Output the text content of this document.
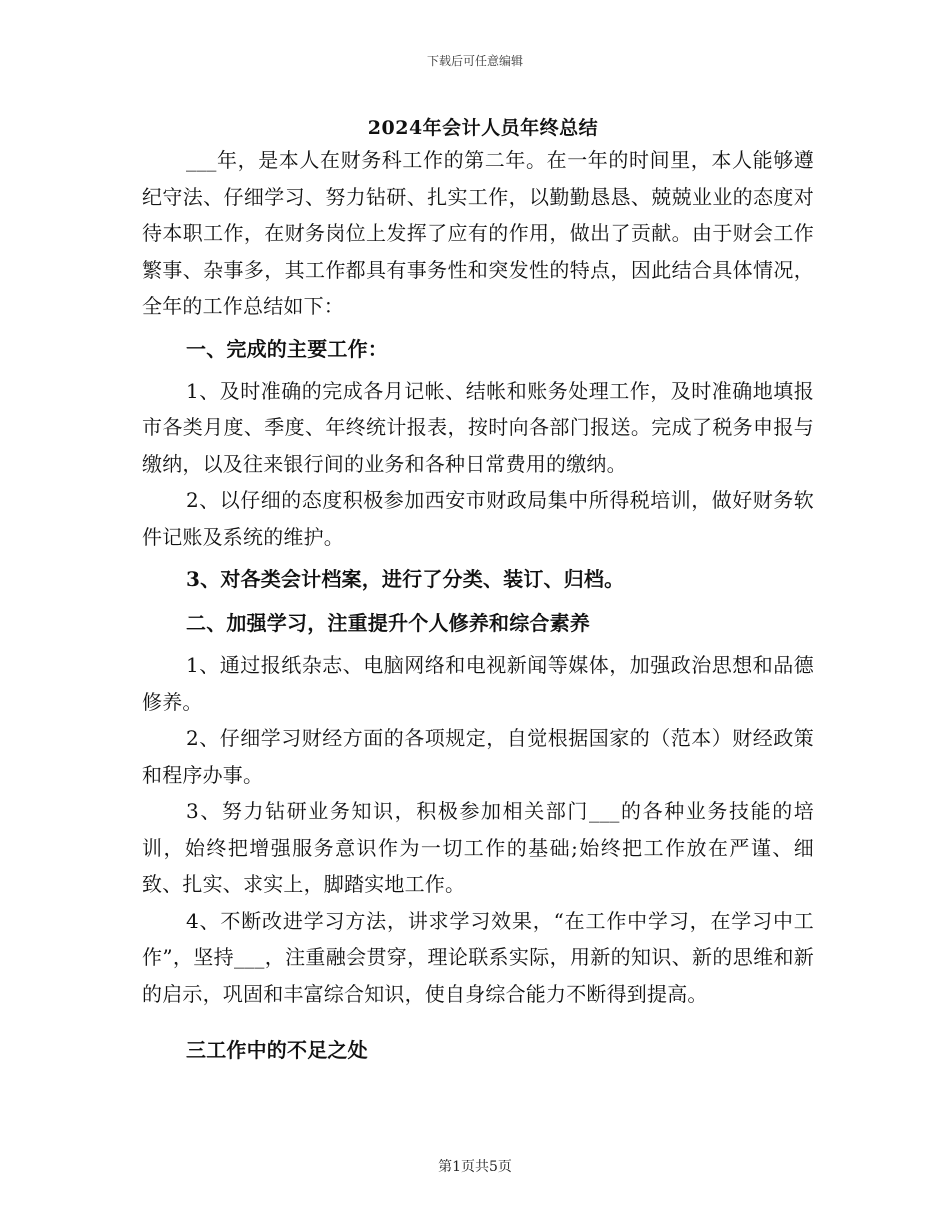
下载后可任意编辑
2024年会计人员年终总结

___年，是本人在财务科工作的第二年。在一年的时间里，本人能够遵纪守法、仔细学习、努力钻研、扎实工作，以勤勤恳恳、兢兢业业的态度对待本职工作，在财务岗位上发挥了应有的作用，做出了贡献。由于财会工作繁事、杂事多，其工作都具有事务性和突发性的特点，因此结合具体情况，全年的工作总结如下：

一、完成的主要工作：

1、及时准确的完成各月记帐、结帐和账务处理工作，及时准确地填报市各类月度、季度、年终统计报表，按时向各部门报送。完成了税务申报与缴纳，以及往来银行间的业务和各种日常费用的缴纳。

2、以仔细的态度积极参加西安市财政局集中所得税培训，做好财务软件记账及系统的维护。

3、对各类会计档案，进行了分类、装订、归档。

二、加强学习，注重提升个人修养和综合素养

1、通过报纸杂志、电脑网络和电视新闻等媒体，加强政治思想和品德修养。

2、仔细学习财经方面的各项规定，自觉根据国家的（范本）财经政策和程序办事。

3、努力钻研业务知识，积极参加相关部门___的各种业务技能的培训，始终把增强服务意识作为一切工作的基础;始终把工作放在严谨、细致、扎实、求实上，脚踏实地工作。

4、不断改进学习方法，讲求学习效果，“在工作中学习，在学习中工作”，坚持___，注重融会贯穿，理论联系实际，用新的知识、新的思维和新的启示，巩固和丰富综合知识，使自身综合能力不断得到提高。

三工作中的不足之处

第1页共5页
